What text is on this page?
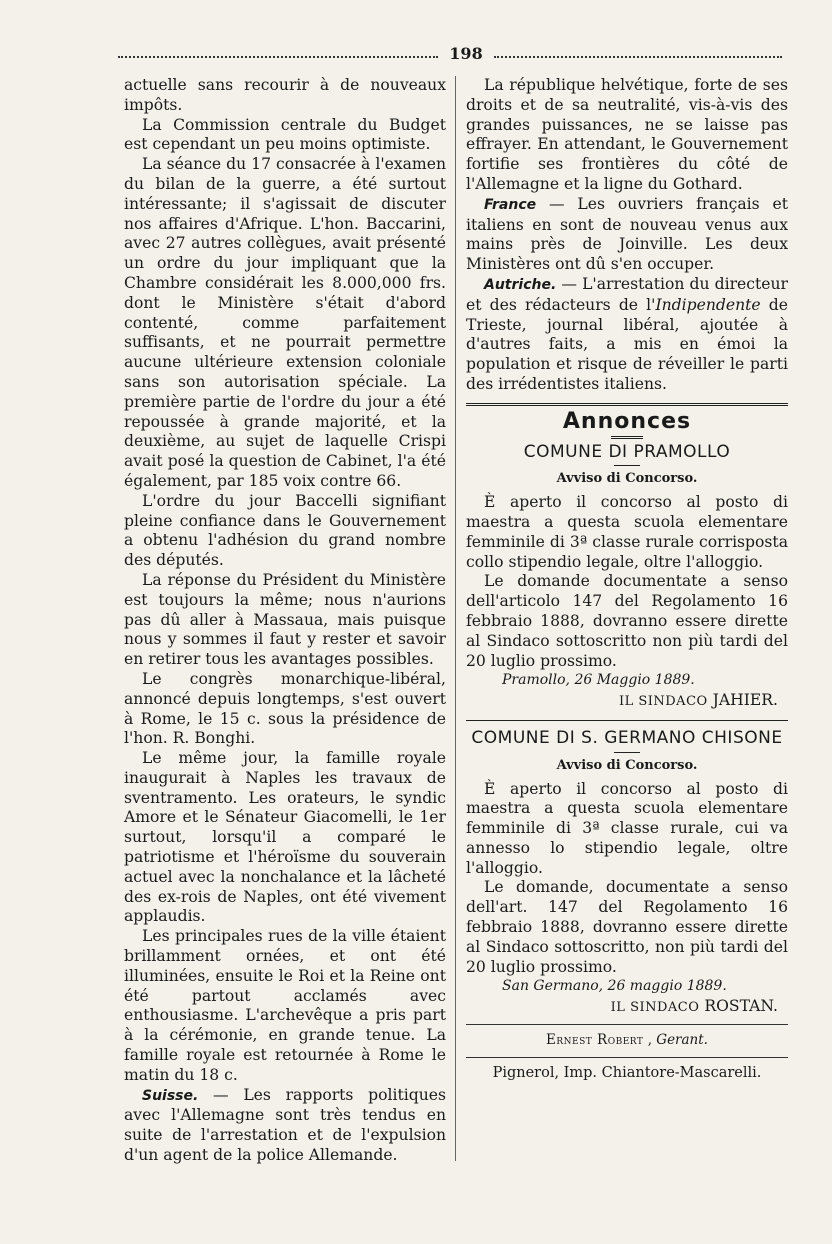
198

actuelle sans recourir à de nouveaux impôts.

La Commission centrale du Budget est cependant un peu moins optimiste.

La séance du 17 consacrée à l'examen du bilan de la guerre, a été surtout intéressante; il s'agissait de discuter nos affaires d'Afrique. L'hon. Baccarini, avec 27 autres collègues, avait présenté un ordre du jour impliquant que la Chambre considérait les 8.000,000 frs. dont le Ministère s'était d'abord contenté, comme parfaitement suffisants, et ne pourrait permettre aucune ultérieure extension coloniale sans son autorisation spéciale. La première partie de l'ordre du jour a été repoussée à grande majorité, et la deuxième, au sujet de laquelle Crispi avait posé la question de Cabinet, l'a été également, par 185 voix contre 66.

L'ordre du jour Baccelli signifiant pleine confiance dans le Gouvernement a obtenu l'adhésion du grand nombre des députés.

La réponse du Président du Ministère est toujours la même; nous n'aurions pas dû aller à Massaua, mais puisque nous y sommes il faut y rester et savoir en retirer tous les avantages possibles.

Le congrès monarchique-libéral, annoncé depuis longtemps, s'est ouvert à Rome, le 15 c. sous la présidence de l'hon. R. Bonghi.

Le même jour, la famille royale inaugurait à Naples les travaux de sventramento. Les orateurs, le syndic Amore et le Sénateur Giacomelli, le 1er surtout, lorsqu'il a comparé le patriotisme et l'héroïsme du souverain actuel avec la nonchalance et la lâcheté des ex-rois de Naples, ont été vivement applaudis.

Les principales rues de la ville étaient brillamment ornées, et ont été illuminées, ensuite le Roi et la Reine ont été partout acclamés avec enthousiasme. L'archevêque a pris part à la cérémonie, en grande tenue. La famille royale est retournée à Rome le matin du 18 c.

Suisse. — Les rapports politiques avec l'Allemagne sont très tendus en suite de l'arrestation et de l'expulsion d'un agent de la police Allemande.

La république helvétique, forte de ses droits et de sa neutralité, vis-à-vis des grandes puissances, ne se laisse pas effrayer. En attendant, le Gouvernement fortifie ses frontières du côté de l'Allemagne et la ligne du Gothard.

France — Les ouvriers français et italiens en sont de nouveau venus aux mains près de Joinville. Les deux Ministères ont dû s'en occuper.

Autriche. — L'arrestation du directeur et des rédacteurs de l'Indipendente de Trieste, journal libéral, ajoutée à d'autres faits, a mis en émoi la population et risque de réveiller le parti des irrédentistes italiens.

Annonces
COMUNE DI PRAMOLLO
Avviso di Concorso.

È aperto il concorso al posto di maestra a questa scuola elementare femminile di 3ª classe rurale corrisposta collo stipendio legale, oltre l'alloggio.

Le domande documentate a senso dell'articolo 147 del Regolamento 16 febbraio 1888, dovranno essere dirette al Sindaco sottoscritto non più tardi del 20 luglio prossimo.

Pramollo, 26 Maggio 1889.
IL SINDACO JAHIER.
COMUNE DI S. GERMANO CHISONE
Avviso di Concorso.

È aperto il concorso al posto di maestra a questa scuola elementare femminile di 3ª classe rurale, cui va annesso lo stipendio legale, oltre l'alloggio.

Le domande, documentate a senso dell'art. 147 del Regolamento 16 febbraio 1888, dovranno essere dirette al Sindaco sottoscritto, non più tardi del 20 luglio prossimo.

San Germano, 26 maggio 1889.
IL SINDACO ROSTAN.
Ernest Robert , Gerant.
Pignerol, Imp. Chiantore-Mascarelli.
